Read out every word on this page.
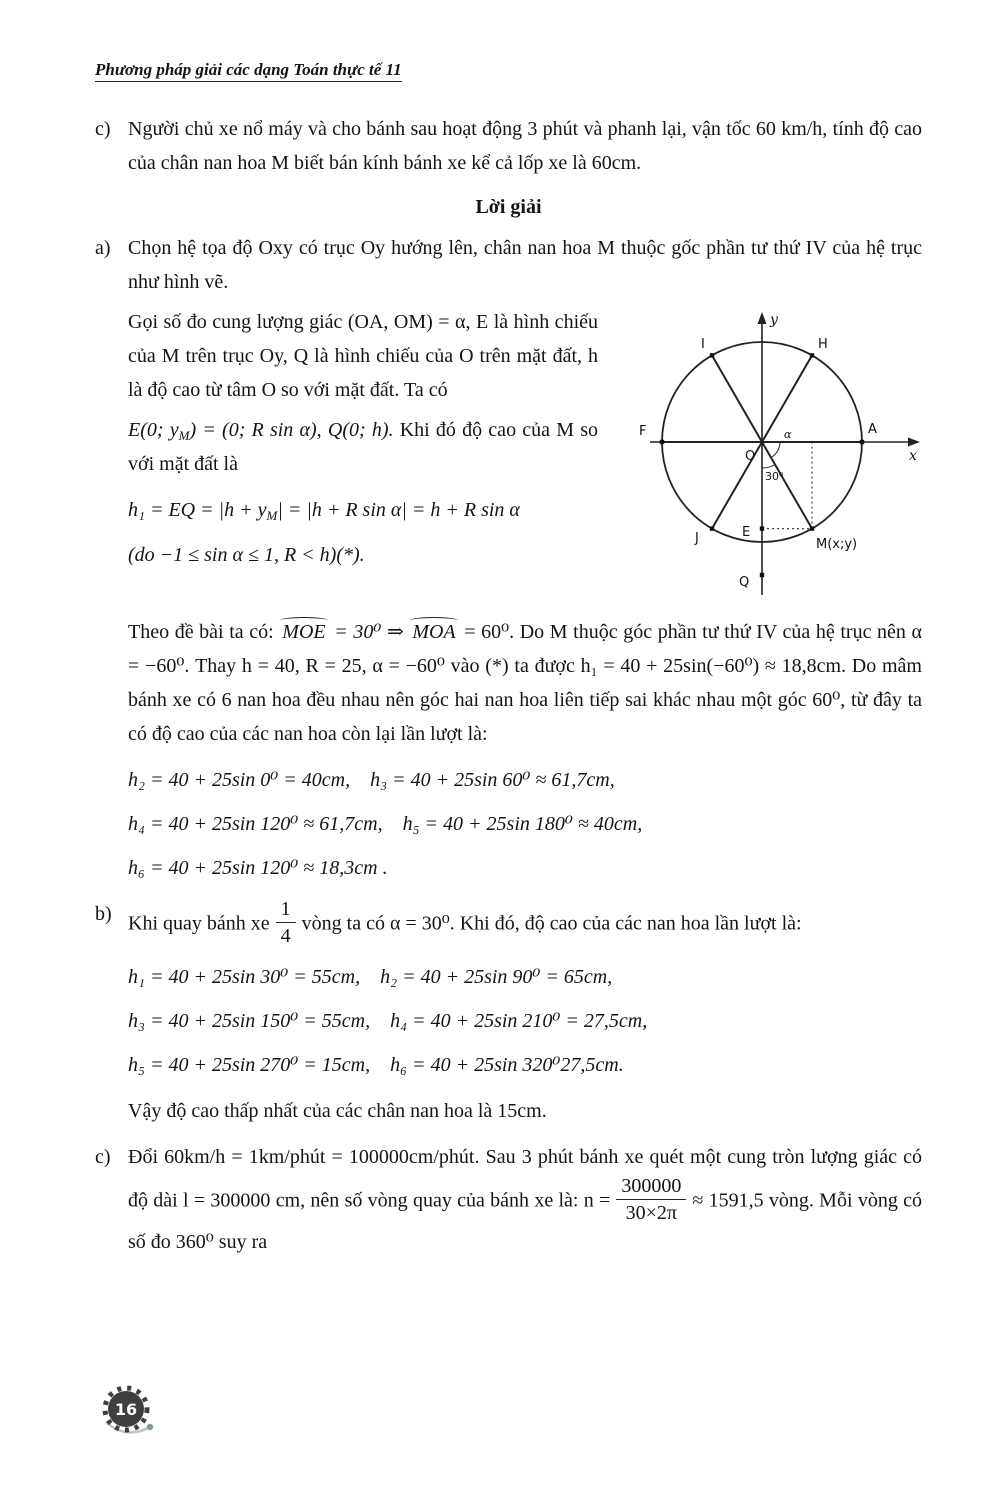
Phương pháp giải các dạng Toán thực tế 11
c) Người chủ xe nổ máy và cho bánh sau hoạt động 3 phút và phanh lại, vận tốc 60 km/h, tính độ cao của chân nan hoa M biết bán kính bánh xe kể cả lốp xe là 60cm.

Lời giải
a) Chọn hệ tọa độ Oxy có trục Oy hướng lên, chân nan hoa M thuộc gốc phần tư thứ IV của hệ trục như hình vẽ.

y
x
O
A
F
H
I
J	E
M(x;y)
Q
α
30⁰

Gọi số đo cung lượng giác (OA, OM) = α, E là hình chiếu của M trên trục Oy, Q là hình chiếu của O trên mặt đất, h là độ cao từ tâm O so với mặt đất. Ta có

E(0; $y_M) = (0$; R sin α), Q(0; h). Khi đó độ cao của M so với mặt đất là

h₁ = EQ = $|h + y_M| = |h + R$ sin α| = h + R sin α

(do −1 ≤ sin α ≤ 1, R < h)(*).

Theo đề bài ta có: MOE = 30⁰ ⇒ MOA = 60⁰. Do M thuộc góc phần tư thứ IV của hệ trục nên α = −60⁰. Thay h = 40, R = 25, α = −60⁰ vào (*) ta được h₁ = 40 + 25sin(−60⁰) ≈ 18,8cm. Do mâm bánh xe có 6 nan hoa đều nhau nên góc hai nan hoa liên tiếp sai khác nhau một góc 60⁰, từ đây ta có độ cao của các nan hoa còn lại lần lượt là:

h₂ = 40 + 25sin 0⁰ = 40cm,    h₃ = 40 + 25sin 60⁰ ≈ 61,7cm,

h₄ = 40 + 25sin 120⁰ ≈ 61,7cm,    h₅ = 40 + 25sin 180⁰ ≈ 40cm,

h₆ = 40 + 25sin 120⁰ ≈ 18,3cm .

b) Khi quay bánh xe $\frac{1}{4}$ vòng ta có α = 30⁰. Khi đó, độ cao của các nan hoa lần lượt là:

h₁ = 40 + 25sin 30⁰ = 55cm,    h₂ = 40 + 25sin 90⁰ = 65cm,

h₃ = 40 + 25sin 150⁰ = 55cm,    h₄ = 40 + 25sin 210⁰ = 27,5cm,

h₅ = 40 + 25sin 270⁰ = 15cm,    h₆ = 40 + 25sin 320⁰27,5cm.

Vậy độ cao thấp nhất của các chân nan hoa là 15cm.

c) Đổi 60km/h = 1km/phút = 100000cm/phút. Sau 3 phút bánh xe quét một cung tròn lượng giác có độ dài l = 300000 cm, nên số vòng quay của bánh xe là: $n = \frac{300000}{30\times 2\pi} \approx 1591,5$ vòng. Mỗi vòng có số đo 360⁰ suy ra

16
